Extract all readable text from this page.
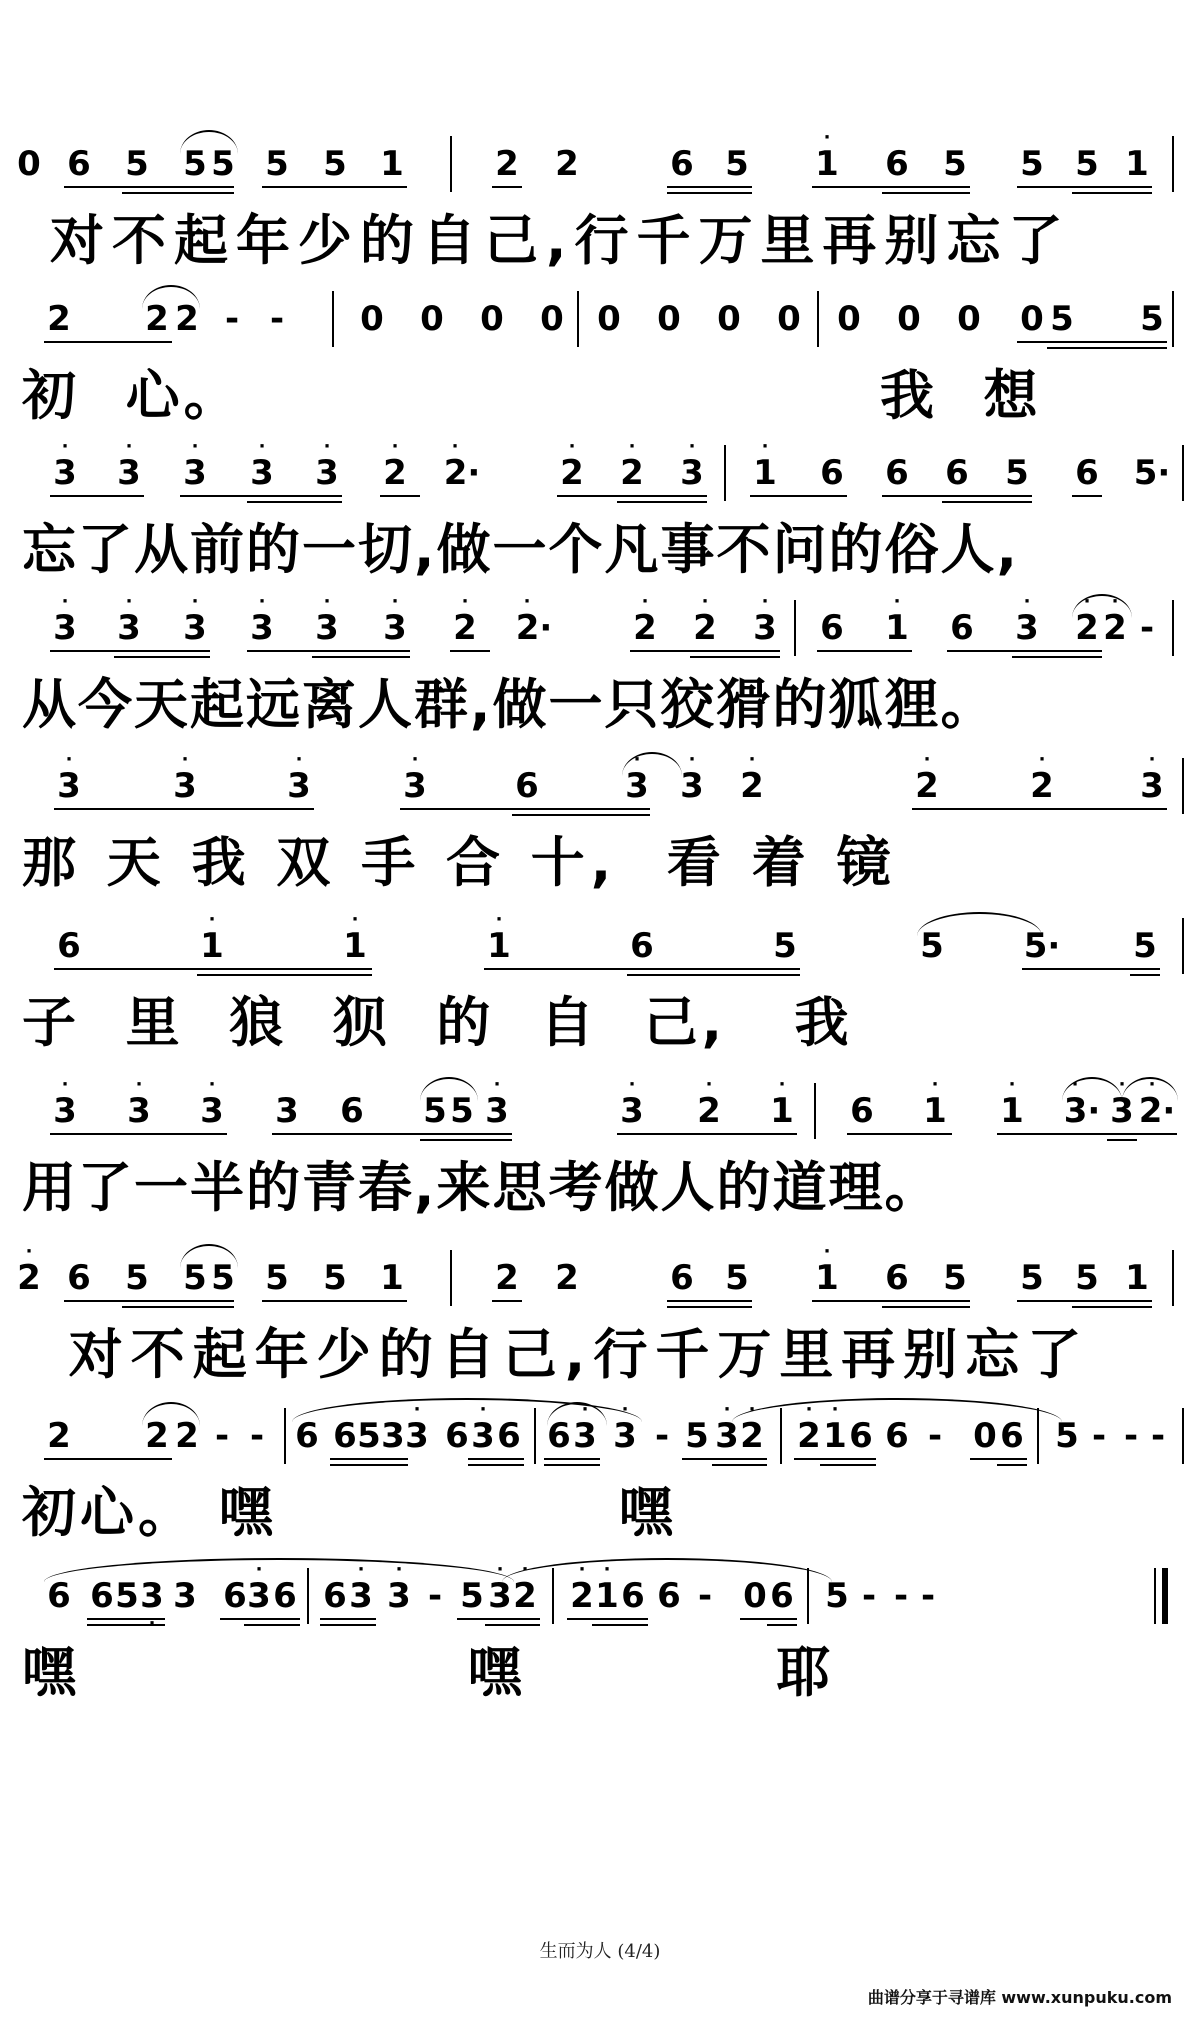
0 6 5 5 5 5 5 1	2 2	6 5 1
·
6 5 5 5 1
对不起年少的自己,行千万里再别忘了
2 2 2 - - 0 0 0 0 0 0 0 0 0 0 0 0 5 5
初  心。                            我  想
·
3
·
3
·
3
·
3
·
3
·
2
·
2·
·
2
·
2
·
3
·
1 6 6 6 5 6 5·
忘了从前的一切,做一个凡事不问的俗人,
·
3
·
3
·
3
·
3
·
3
·
3
·
2
·
2·
·
2
·
2
·
3 6 1
·
6
·
3
·
2
·
2 -
从今天起远离人群,做一只狡猾的狐狸。
·
3
·
3
·
3
·
3	6
·
3
·
3
·
2
·
2
·
2
·
3
那 天 我 双 手 合 十,  看 着 镜
6
·
1
·
1
·
1	6	5	5 5· 5
子  里  狼  狈  的  自  己,   我
·
3
·
3
·
3 3 6 5 5
·
3
·
3
·
2
·
1 6
·
1
·
1
·
3·
·
3
·
2·
用了一半的青春,来思考做人的道理。
·
2 6 5 5 5 5 5 1	2 2	6 5
·
1 6 5 5 5 1
对不起年少的自己,行千万里再别忘了
2 2 2 - - 6 6 5 3
·
3 6
·
3 6 6
·
3
·
3 - 5
·
3
·
2
·
2
·
1 6 6 - 0 6 5 - - -
初心。 嘿               嘿
6 6 5 3 3 6
·
3 6 6
·
3
·
3 - 5
·
3
·
2
·
2
·
1 6 6 - 0 6 5 - - -
嘿                 嘿           耶
生而为人 (4/4)
曲谱分享于寻谱库 www.xunpuku.com
